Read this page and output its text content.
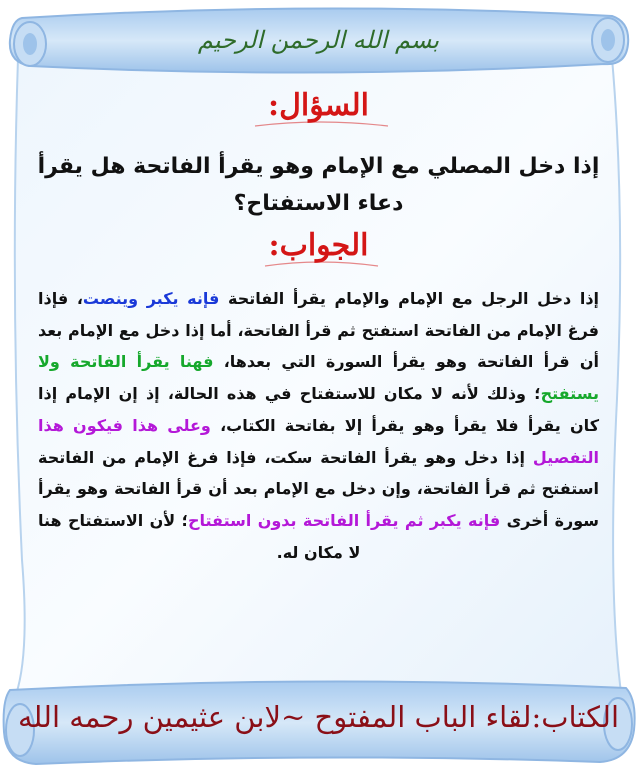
بسم الله الرحمن الرحيم
السؤال:
إذا دخل المصلي مع الإمام وهو يقرأ الفاتحة هل يقرأ دعاء الاستفتاح؟
الجواب:
إذا دخل الرجل مع الإمام والإمام يقرأ الفاتحة فإنه يكبر وينصت، فإذا فرغ الإمام من الفاتحة استفتح ثم قرأ الفاتحة، أما إذا دخل مع الإمام بعد أن قرأ الفاتحة وهو يقرأ السورة التي بعدها، فهنا يقرأ الفاتحة ولا يستفتح؛ وذلك لأنه لا مكان للاستفتاح في هذه الحالة، إذ إن الإمام إذا كان يقرأ فلا يقرأ وهو يقرأ إلا بفاتحة الكتاب، وعلى هذا فيكون هذا التفصيل إذا دخل وهو يقرأ الفاتحة سكت، فإذا فرغ الإمام من الفاتحة استفتح ثم قرأ الفاتحة، وإن دخل مع الإمام بعد أن قرأ الفاتحة وهو يقرأ سورة أخرى فإنه يكبر ثم يقرأ الفاتحة بدون استفتاح؛ لأن الاستفتاح هنا لا مكان له.
الكتاب:لقاء الباب المفتوح ~لابن عثيمين رحمه الله
